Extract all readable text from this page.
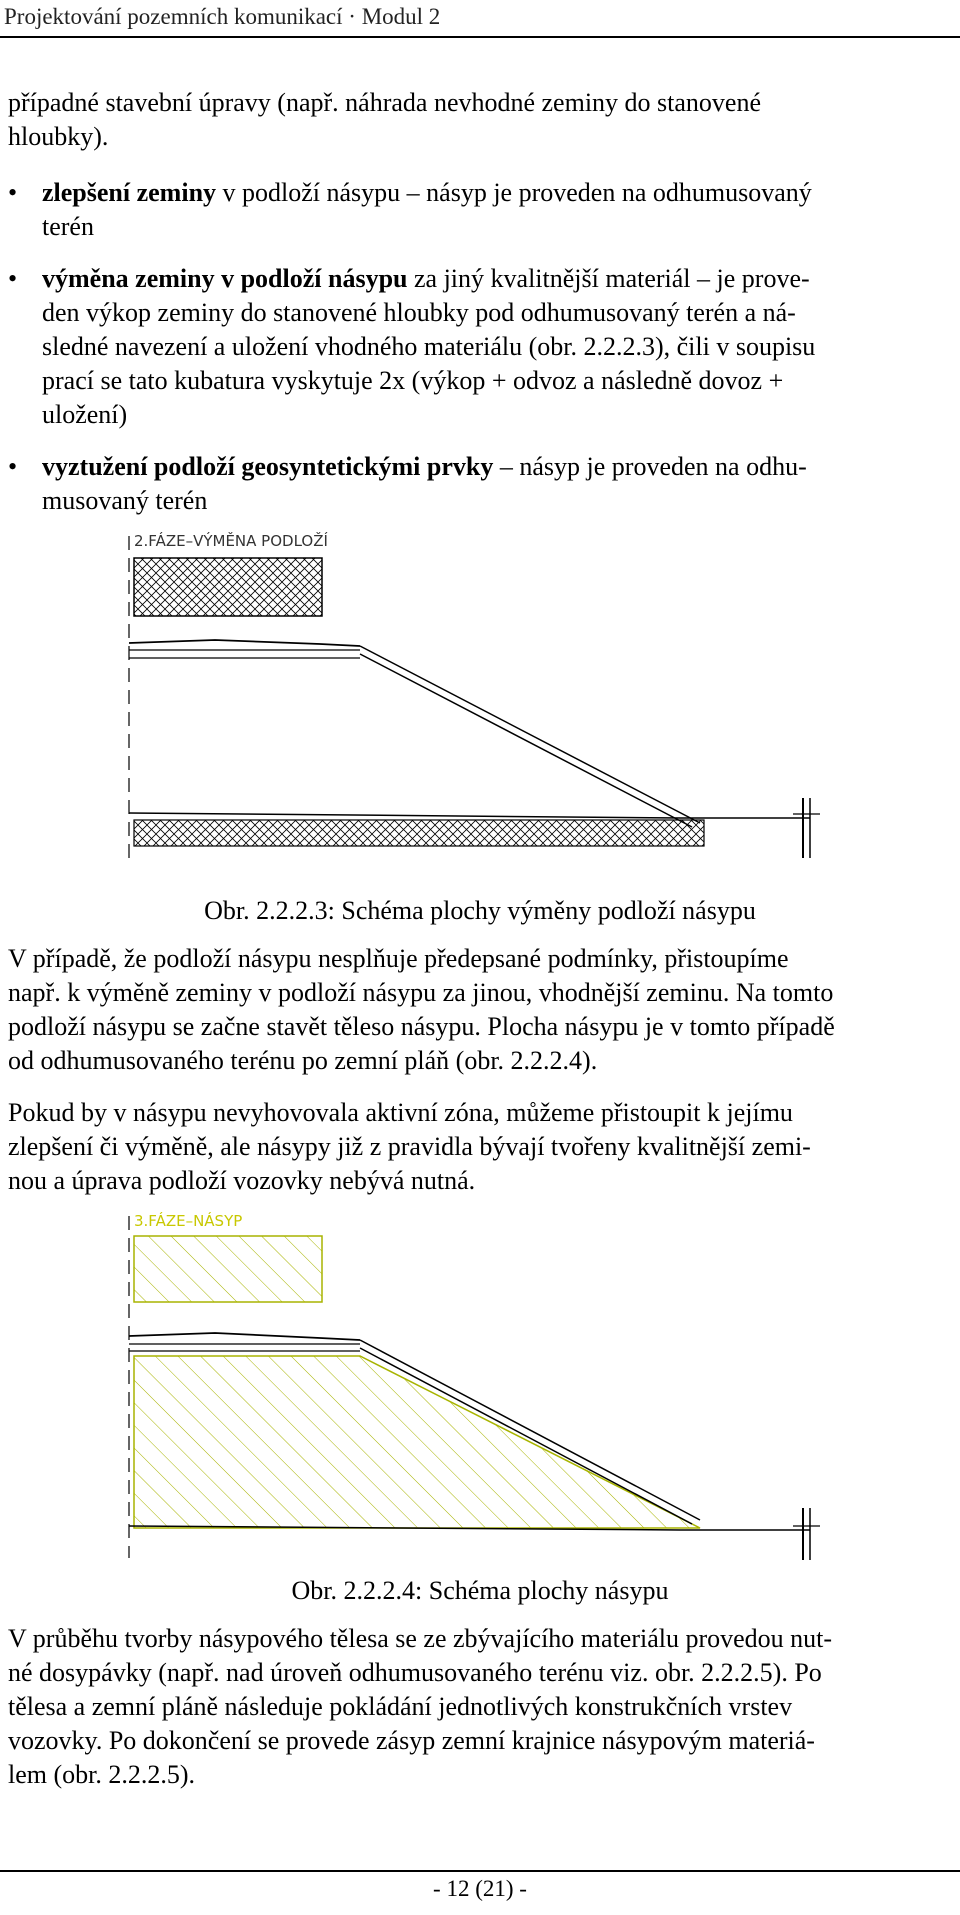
Projektování pozemních komunikací · Modul 2
případné stavební úpravy (např. náhrada nevhodné zeminy do stanovené
hloubky).
• zlepšení zeminy v podloží násypu – násyp je proveden na odhumusovaný
terén
• výměna zeminy v podloží násypu za jiný kvalitnější materiál – je prove-
den výkop zeminy do stanovené hloubky pod odhumusovaný terén a ná-
sledné navezení a uložení vhodného materiálu (obr. 2.2.2.3), čili v soupisu
prací se tato kubatura vyskytuje 2x (výkop + odvoz a následně dovoz +
uložení)
• vyztužení podloží geosyntetickými prvky – násyp je proveden na odhu-
musovaný terén
2.FÁZE–VÝMĚNA PODLOŽÍ
Obr. 2.2.2.3: Schéma plochy výměny podloží násypu
V případě, že podloží násypu nesplňuje předepsané podmínky, přistoupíme
např. k výměně zeminy v podloží násypu za jinou, vhodnější zeminu. Na tomto
podloží násypu se začne stavět těleso násypu. Plocha násypu je v tomto případě
od odhumusovaného terénu po zemní pláň (obr. 2.2.2.4).
Pokud by v násypu nevyhovovala aktivní zóna, můžeme přistoupit k jejímu
zlepšení či výměně, ale násypy již z pravidla bývají tvořeny kvalitnější zemi-
nou a úprava podloží vozovky nebývá nutná.
3.FÁZE–NÁSYP
Obr. 2.2.2.4: Schéma plochy násypu
V průběhu tvorby násypového tělesa se ze zbývajícího materiálu provedou nut-
né dosypávky (např. nad úroveň odhumusovaného terénu viz. obr. 2.2.2.5). Po
tělesa a zemní pláně následuje pokládání jednotlivých konstrukčních vrstev
vozovky. Po dokončení se provede zásyp zemní krajnice násypovým materiá-
lem (obr. 2.2.2.5).
- 12 (21) -
